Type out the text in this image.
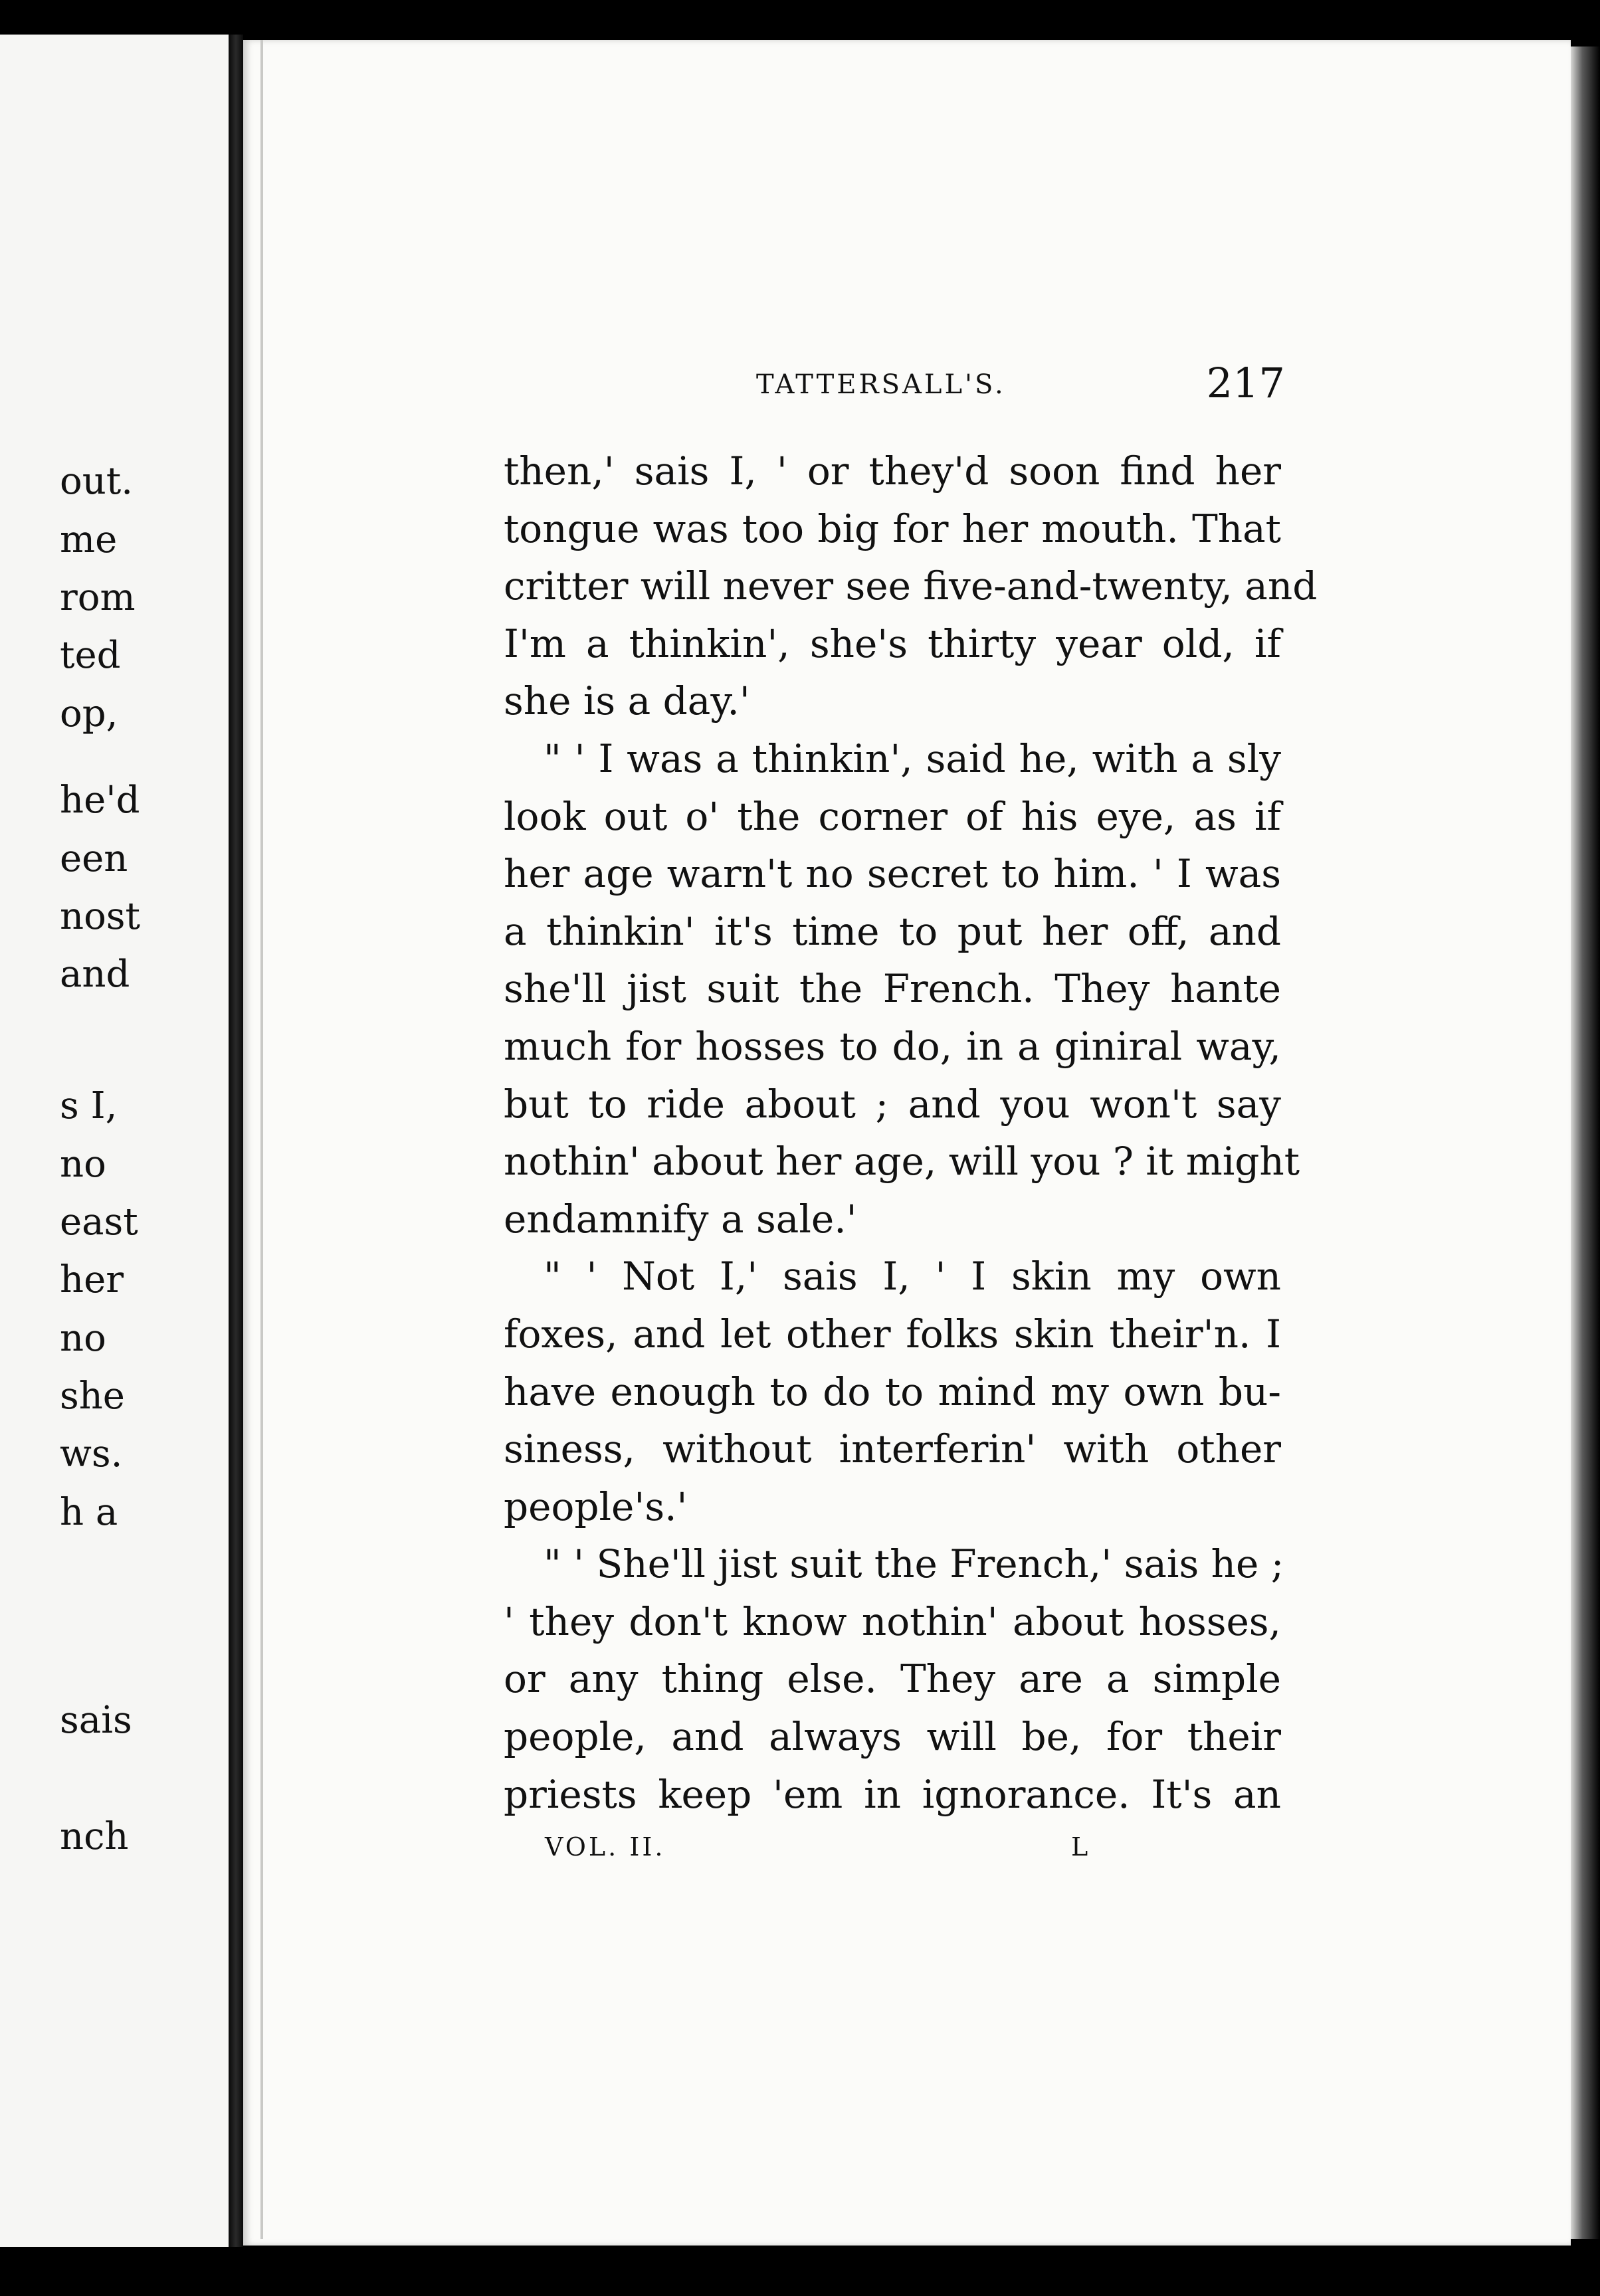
out.
me
rom
ted
op,
he'd
een
nost
and
s I,
no
east
her
no
she
ws.
h a
sais
nch
TATTERSALL'S.	217
then,' sais I, ' or they'd soon find her
tongue was too big for her mouth. That
critter will never see five-and-twenty, and
I'm a thinkin', she's thirty year old, if
she is a day.'
" ' I was a thinkin', said he, with a sly
look out o' the corner of his eye, as if
her age warn't no secret to him. ' I was
a thinkin' it's time to put her off, and
she'll jist suit the French. They hante
much for hosses to do, in a giniral way,
but to ride about ; and you won't say
nothin' about her age, will you ? it might
endamnify a sale.'
" ' Not I,' sais I, ' I skin my own
foxes, and let other folks skin their'n. I
have enough to do to mind my own bu-
siness, without interferin' with other
people's.'
" ' She'll jist suit the French,' sais he ;
' they don't know nothin' about hosses,
or any thing else. They are a simple
people, and always will be, for their
priests keep 'em in ignorance. It's an
VOL. II.	L
